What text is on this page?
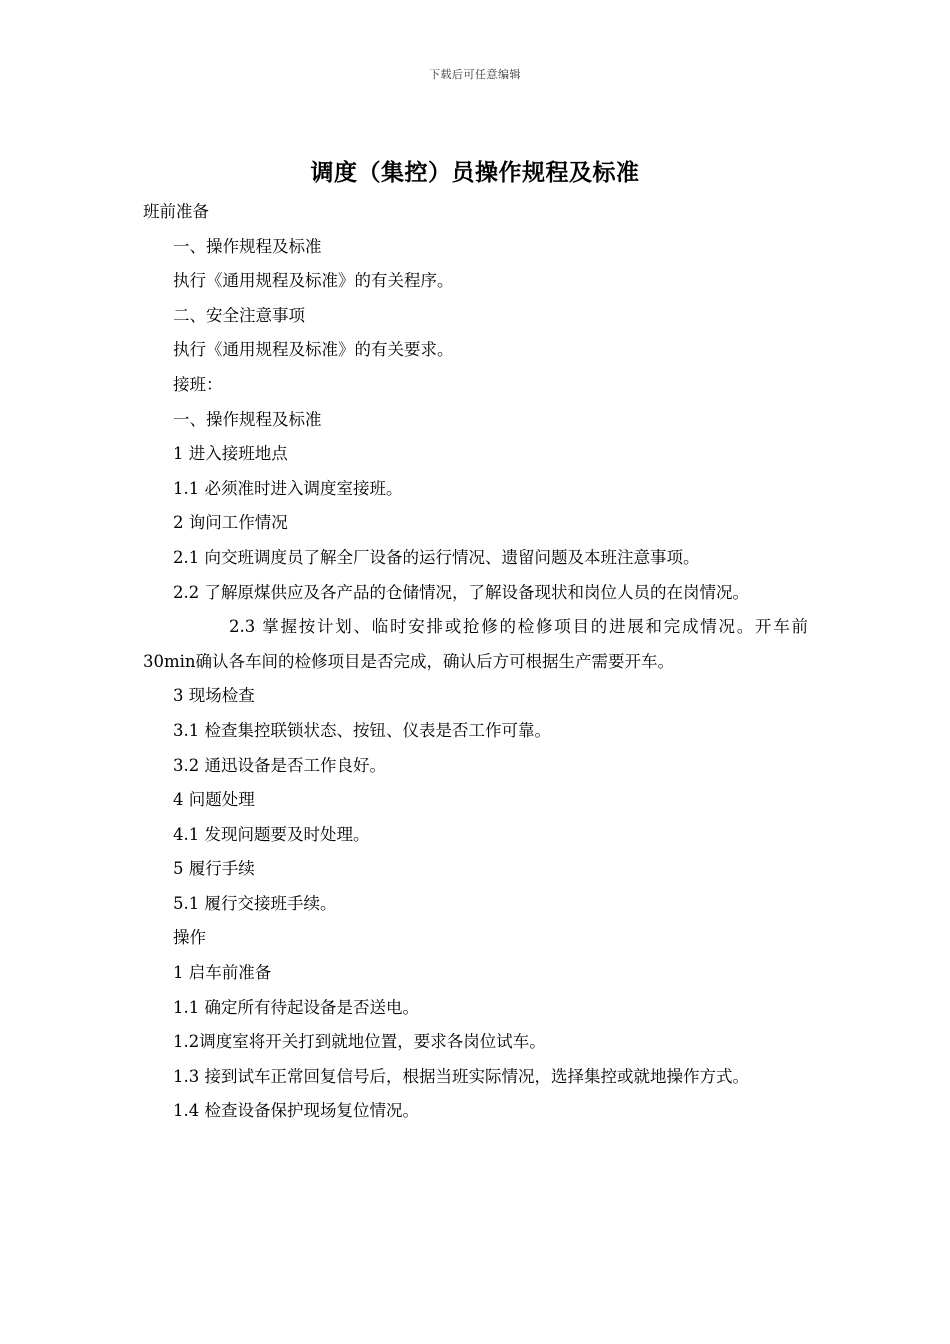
下载后可任意编辑
调度（集控）员操作规程及标准

班前准备

一、操作规程及标准

执行《通用规程及标准》的有关程序。

二、安全注意事项

执行《通用规程及标准》的有关要求。

接班：

一、操作规程及标准

1 进入接班地点

1.1 必须准时进入调度室接班。

2 询问工作情况

2.1 向交班调度员了解全厂设备的运行情况、遗留问题及本班注意事项。

2.2 了解原煤供应及各产品的仓储情况，了解设备现状和岗位人员的在岗情况。

2.3 掌握按计划、临时安排或抢修的检修项目的进展和完成情况。开车前30min确认各车间的检修项目是否完成，确认后方可根据生产需要开车。

3 现场检查

3.1 检查集控联锁状态、按钮、仪表是否工作可靠。

3.2 通迅设备是否工作良好。

4 问题处理

4.1 发现问题要及时处理。

5 履行手续

5.1 履行交接班手续。

操作

1 启车前准备

1.1 确定所有待起设备是否送电。

1.2调度室将开关打到就地位置，要求各岗位试车。

1.3 接到试车正常回复信号后，根据当班实际情况，选择集控或就地操作方式。

1.4 检查设备保护现场复位情况。
